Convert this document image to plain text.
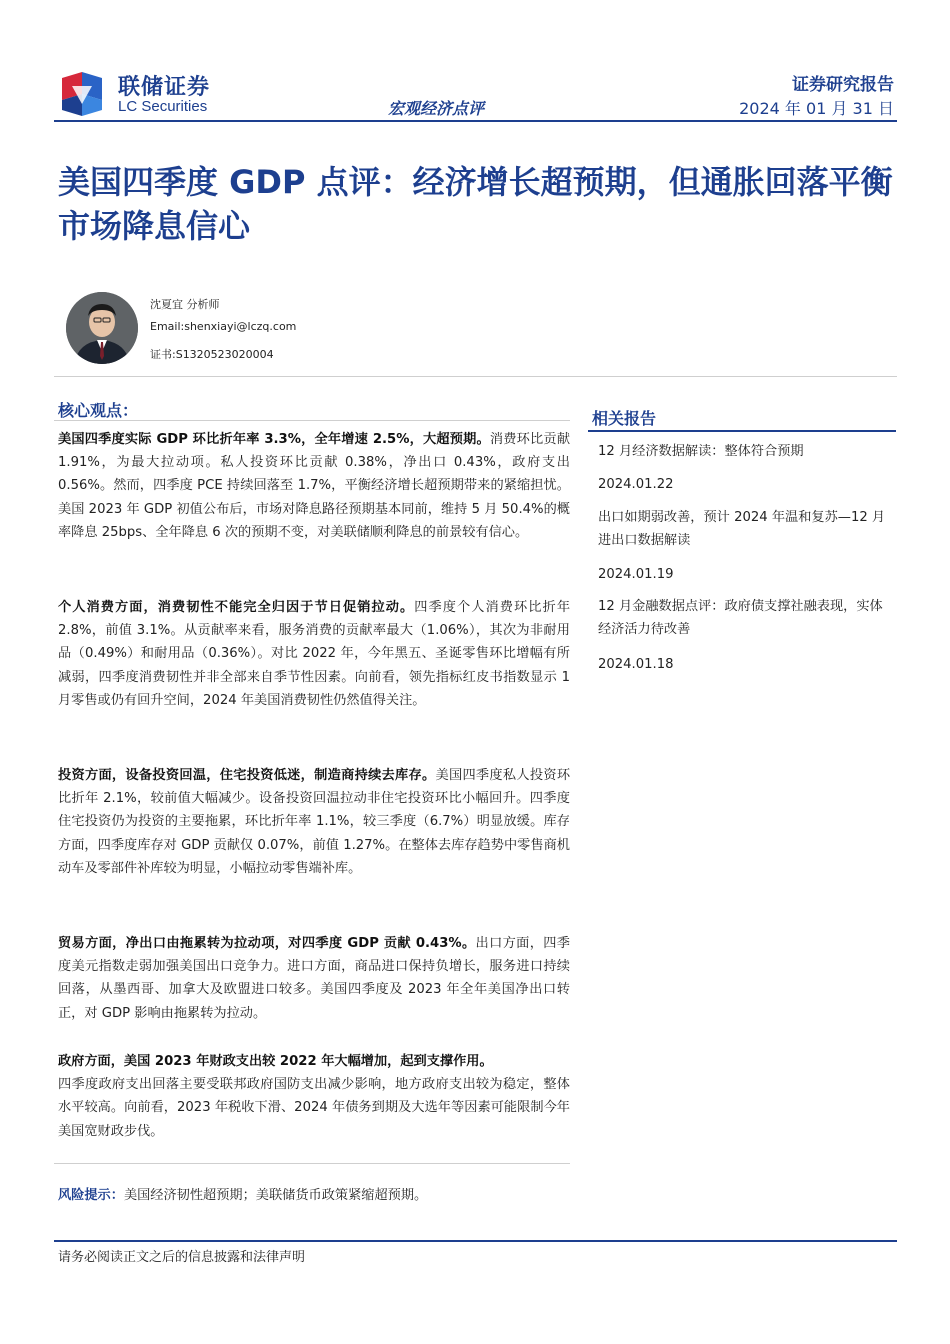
联储证券
LC Securities	宏观经济点评
证券研究报告
2024 年 01 月 31 日
美国四季度 GDP 点评：经济增长超预期，但通胀回落平衡市场降息信心
沈夏宜 分析师
Email:shenxiayi@lczq.com
证书:S1320523020004
核心观点：
美国四季度实际 GDP 环比折年率 3.3%，全年增速 2.5%，大超预期。消费环比贡献 1.91%，为最大拉动项。私人投资环比贡献 0.38%，净出口 0.43%，政府支出 0.56%。然而，四季度 PCE 持续回落至 1.7%，平衡经济增长超预期带来的紧缩担忧。美国 2023 年 GDP 初值公布后，市场对降息路径预期基本同前，维持 5 月 50.4%的概率降息 25bps、全年降息 6 次的预期不变，对美联储顺利降息的前景较有信心。
个人消费方面，消费韧性不能完全归因于节日促销拉动。四季度个人消费环比折年 2.8%，前值 3.1%。从贡献率来看，服务消费的贡献率最大（1.06%），其次为非耐用品（0.49%）和耐用品（0.36%）。对比 2022 年，今年黑五、圣诞零售环比增幅有所减弱，四季度消费韧性并非全部来自季节性因素。向前看，领先指标红皮书指数显示 1 月零售或仍有回升空间，2024 年美国消费韧性仍然值得关注。
投资方面，设备投资回温，住宅投资低迷，制造商持续去库存。美国四季度私人投资环比折年 2.1%，较前值大幅减少。设备投资回温拉动非住宅投资环比小幅回升。四季度住宅投资仍为投资的主要拖累，环比折年率 1.1%，较三季度（6.7%）明显放缓。库存方面，四季度库存对 GDP 贡献仅 0.07%，前值 1.27%。在整体去库存趋势中零售商机动车及零部件补库较为明显，小幅拉动零售端补库。
贸易方面，净出口由拖累转为拉动项，对四季度 GDP 贡献 0.43%。出口方面，四季度美元指数走弱加强美国出口竞争力。进口方面，商品进口保持负增长，服务进口持续回落，从墨西哥、加拿大及欧盟进口较多。美国四季度及 2023 年全年美国净出口转正，对 GDP 影响由拖累转为拉动。
政府方面，美国 2023 年财政支出较 2022 年大幅增加，起到支撑作用。
四季度政府支出回落主要受联邦政府国防支出减少影响，地方政府支出较为稳定，整体水平较高。向前看，2023 年税收下滑、2024 年债务到期及大选年等因素可能限制今年美国宽财政步伐。
风险提示：美国经济韧性超预期；美联储货币政策紧缩超预期。
相关报告
12 月经济数据解读：整体符合预期
2024.01.22
出口如期弱改善，预计 2024 年温和复苏—12 月进出口数据解读
2024.01.19
12 月金融数据点评：政府债支撑社融表现，实体经济活力待改善
2024.01.18
请务必阅读正文之后的信息披露和法律声明
